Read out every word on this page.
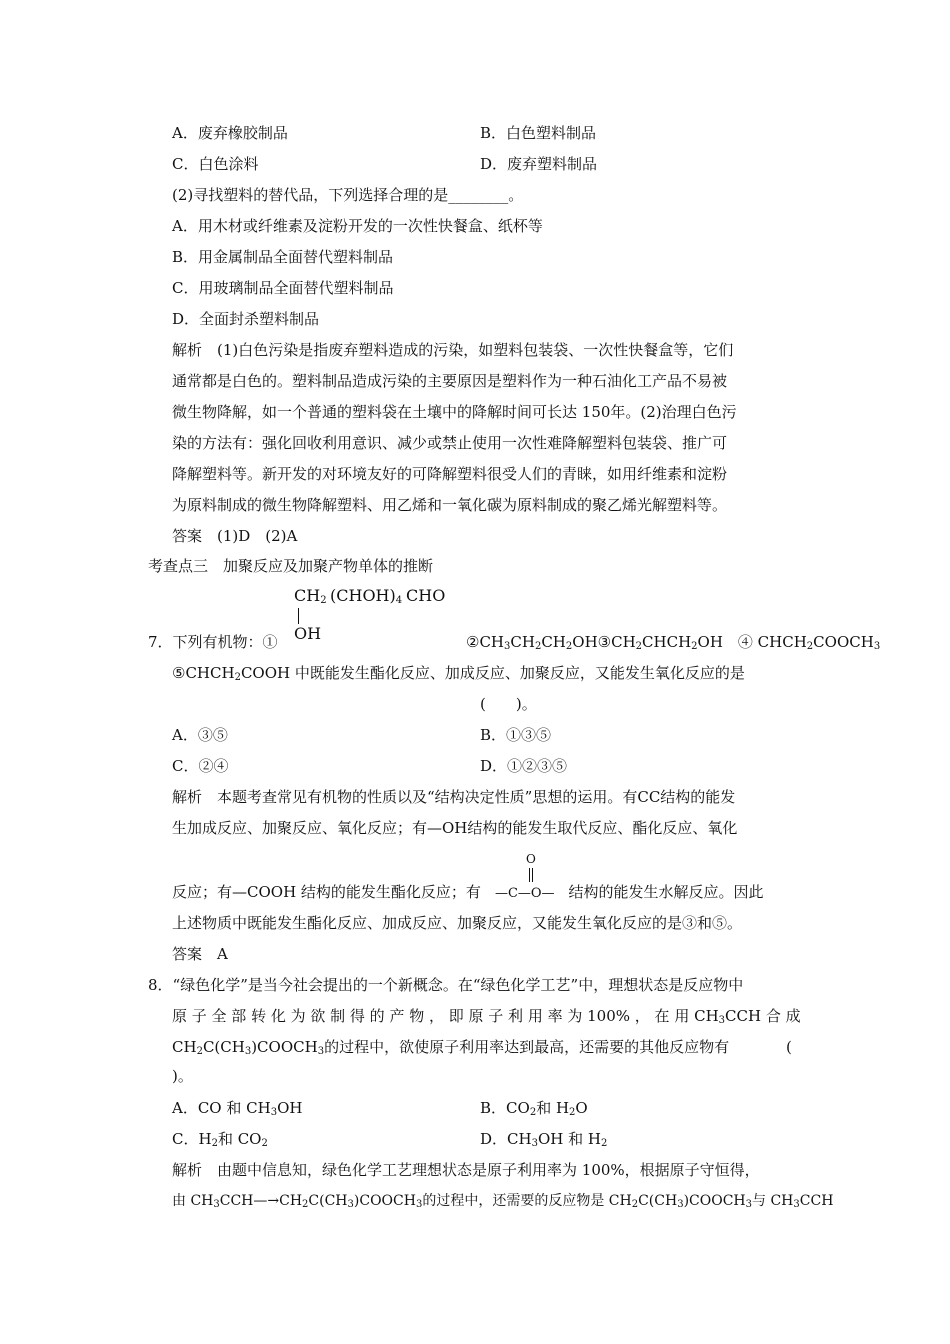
A．废弃橡胶制品	B．白色塑料制品
C．白色涂料	D．废弃塑料制品
(2)寻找塑料的替代品，下列选择合理的是________。
A．用木材或纤维素及淀粉开发的一次性快餐盒、纸杯等
B．用金属制品全面替代塑料制品
C．用玻璃制品全面替代塑料制品
D．全面封杀塑料制品
解析　(1)白色污染是指废弃塑料造成的污染，如塑料包装袋、一次性快餐盒等，它们
通常都是白色的。塑料制品造成污染的主要原因是塑料作为一种石油化工产品不易被
微生物降解，如一个普通的塑料袋在土壤中的降解时间可长达 150年。(2)治理白色污
染的方法有：强化回收利用意识、减少或禁止使用一次性难降解塑料包装袋、推广可
降解塑料等。新开发的对环境友好的可降解塑料很受人们的青睐，如用纤维素和淀粉
为原料制成的微生物降解塑料、用乙烯和一氧化碳为原料制成的聚乙烯光解塑料等。
答案　(1)D　(2)A
考查点三　加聚反应及加聚产物单体的推断
$CH_2$ $(CHOH)_4$ CHO
OH
7．下列有机物：①	$②CH_3CH_2CH_2OH③CH_2CHCH_2OH$　④ $CHCH_2COOCH_3$
$⑤CHCH_2COOH$ 中既能发生酯化反应、加成反应、加聚反应，又能发生氧化反应的是
(　　)。
A．③⑤	B．①③⑤
C．②④	D．①②③⑤
解析　本题考查常见有机物的性质以及“结构决定性质”思想的运用。有CC结构的能发
生加成反应、加聚反应、氧化反应；有—OH结构的能发生取代反应、酯化反应、氧化
O
反应；有—COOH 结构的能发生酯化反应；有 —C—O— 结构的能发生水解反应。因此
上述物质中既能发生酯化反应、加成反应、加聚反应，又能发生氧化反应的是③和⑤。
答案　A
8．“绿色化学”是当今社会提出的一个新概念。在“绿色化学工艺”中，理想状态是反应物中
原 子 全 部 转 化 为 欲 制 得 的 产 物 ， 即 原 子 利 用 率 为 100% ， 在 用 $CH_3CCH$ 合 成
$CH_2C(CH_3)COOCH_3$的过程中，欲使原子利用率达到最高，还需要的其他反应物有	(
)。
A．CO 和 $CH_3OH$	B．$CO_2$和 $H_2O$
C．$H_2$和 $CO_2$	D．$CH_3OH$ 和 $H_2$
解析　由题中信息知，绿色化学工艺理想状态是原子利用率为 100%，根据原子守恒得，
由 $CH_3CCH—\to CH_2C(CH_3)COOCH_3$的过程中，还需要的反应物是 $CH_2C(CH_3)COOCH_3$与 $CH_3CCH$
